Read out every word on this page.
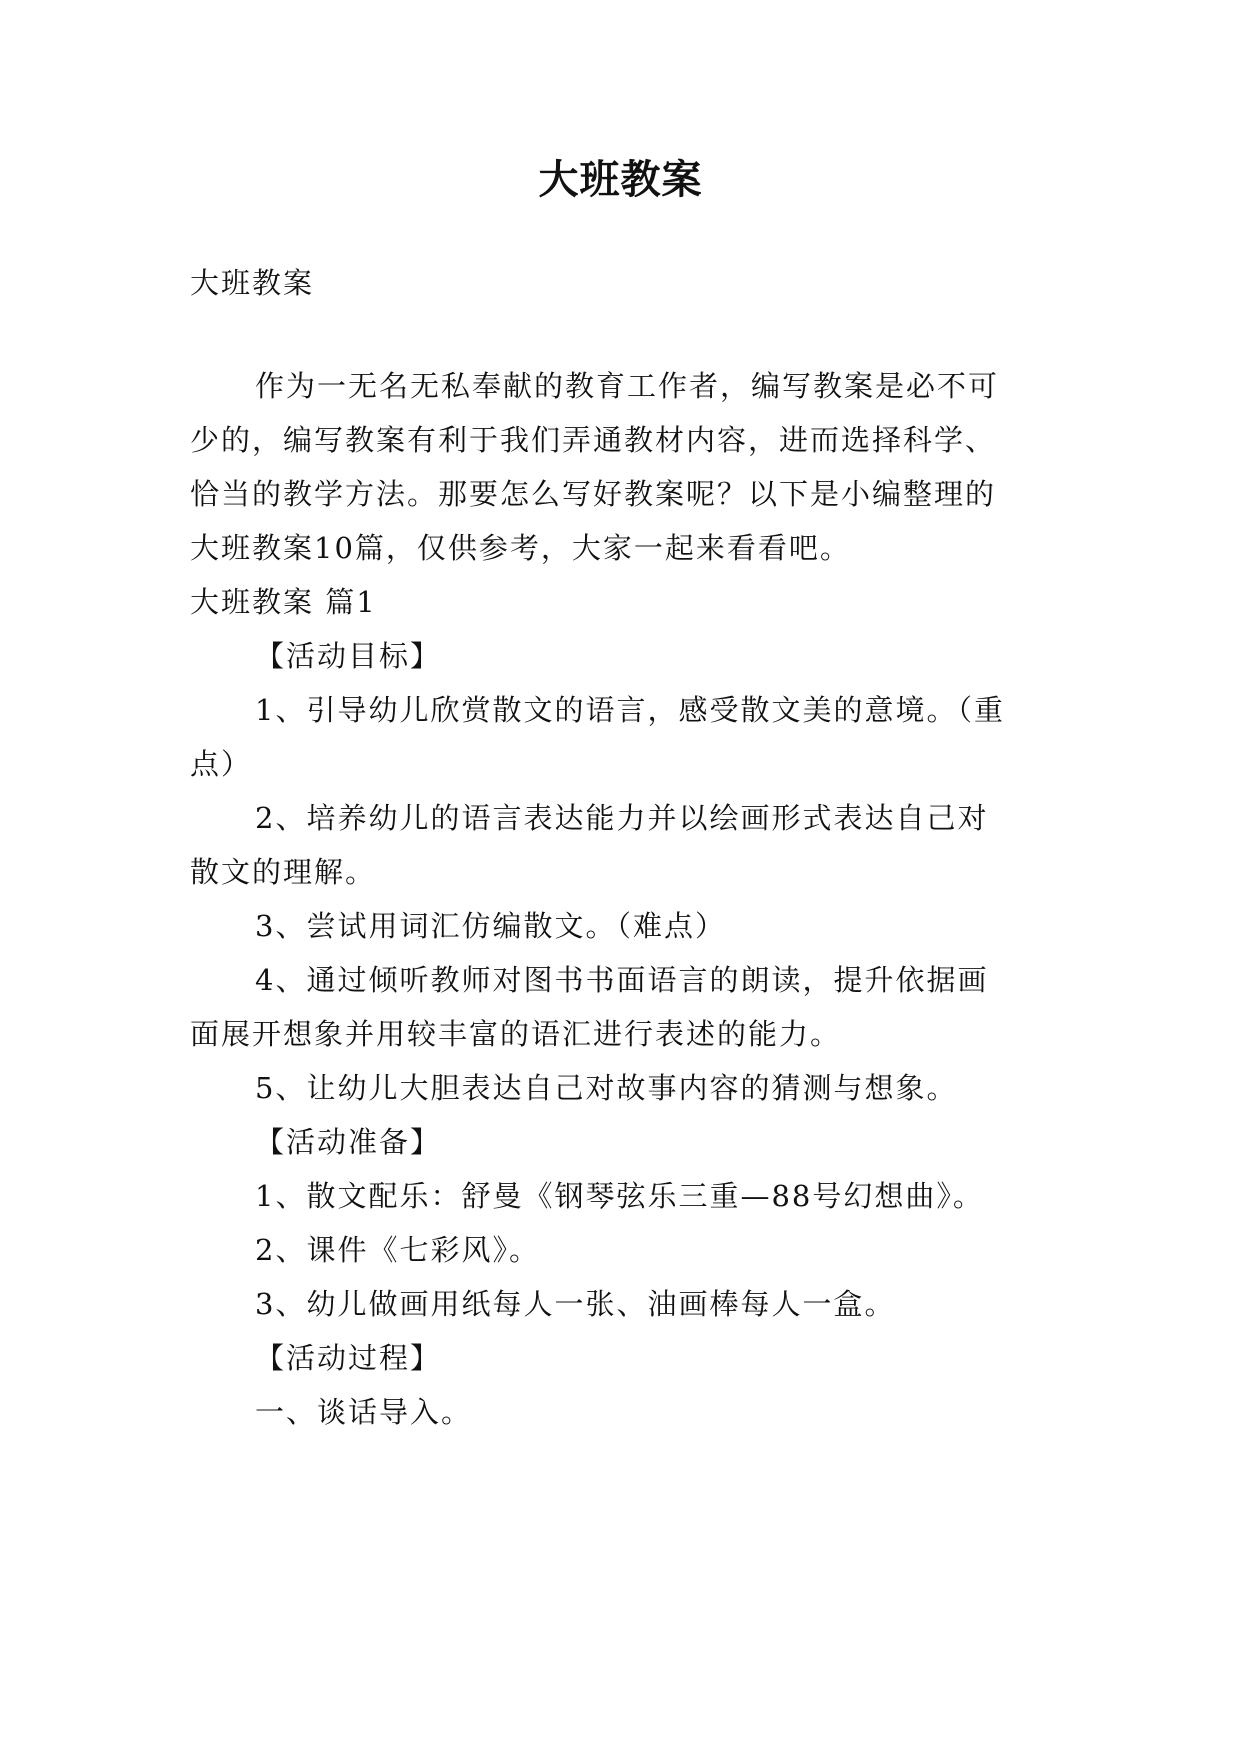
大班教案
大班教案
作为一无名无私奉献的教育工作者，编写教案是必不可
少的，编写教案有利于我们弄通教材内容，进而选择科学、
恰当的教学方法。那要怎么写好教案呢？以下是小编整理的
大班教案10篇，仅供参考，大家一起来看看吧。
大班教案 篇1
【活动目标】
1、引导幼儿欣赏散文的语言，感受散文美的意境。（重
点）
2、培养幼儿的语言表达能力并以绘画形式表达自己对
散文的理解。
3、尝试用词汇仿编散文。（难点）
4、通过倾听教师对图书书面语言的朗读，提升依据画
面展开想象并用较丰富的语汇进行表述的能力。
5、让幼儿大胆表达自己对故事内容的猜测与想象。
【活动准备】
1、散文配乐：舒曼《钢琴弦乐三重—88号幻想曲》。
2、课件《七彩风》。
3、幼儿做画用纸每人一张、油画棒每人一盒。
【活动过程】
一、谈话导入。
